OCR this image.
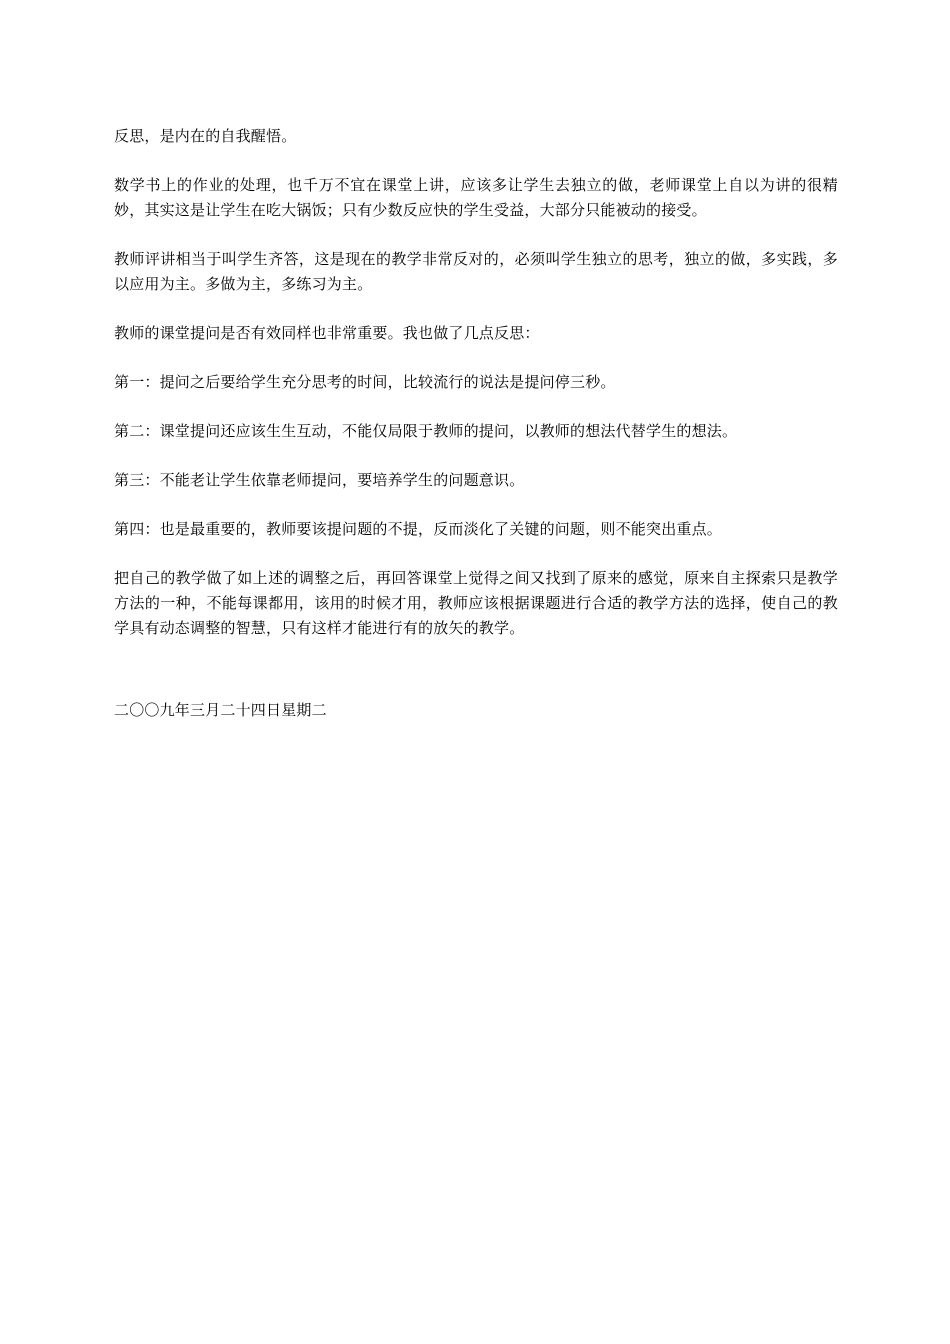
反思，是内在的自我醒悟。

数学书上的作业的处理，也千万不宜在课堂上讲，应该多让学生去独立的做，老师课堂上自以为讲的很精妙，其实这是让学生在吃大锅饭；只有少数反应快的学生受益，大部分只能被动的接受。

教师评讲相当于叫学生齐答，这是现在的教学非常反对的，必须叫学生独立的思考，独立的做，多实践，多以应用为主。多做为主，多练习为主。

教师的课堂提问是否有效同样也非常重要。我也做了几点反思：

第一：提问之后要给学生充分思考的时间，比较流行的说法是提问停三秒。

第二：课堂提问还应该生生互动，不能仅局限于教师的提问，以教师的想法代替学生的想法。

第三：不能老让学生依靠老师提问，要培养学生的问题意识。

第四：也是最重要的，教师要该提问题的不提，反而淡化了关键的问题，则不能突出重点。

把自己的教学做了如上述的调整之后，再回答课堂上觉得之间又找到了原来的感觉，原来自主探索只是教学方法的一种，不能每课都用，该用的时候才用，教师应该根据课题进行合适的教学方法的选择，使自己的教学具有动态调整的智慧，只有这样才能进行有的放矢的教学。

二〇〇九年三月二十四日星期二
